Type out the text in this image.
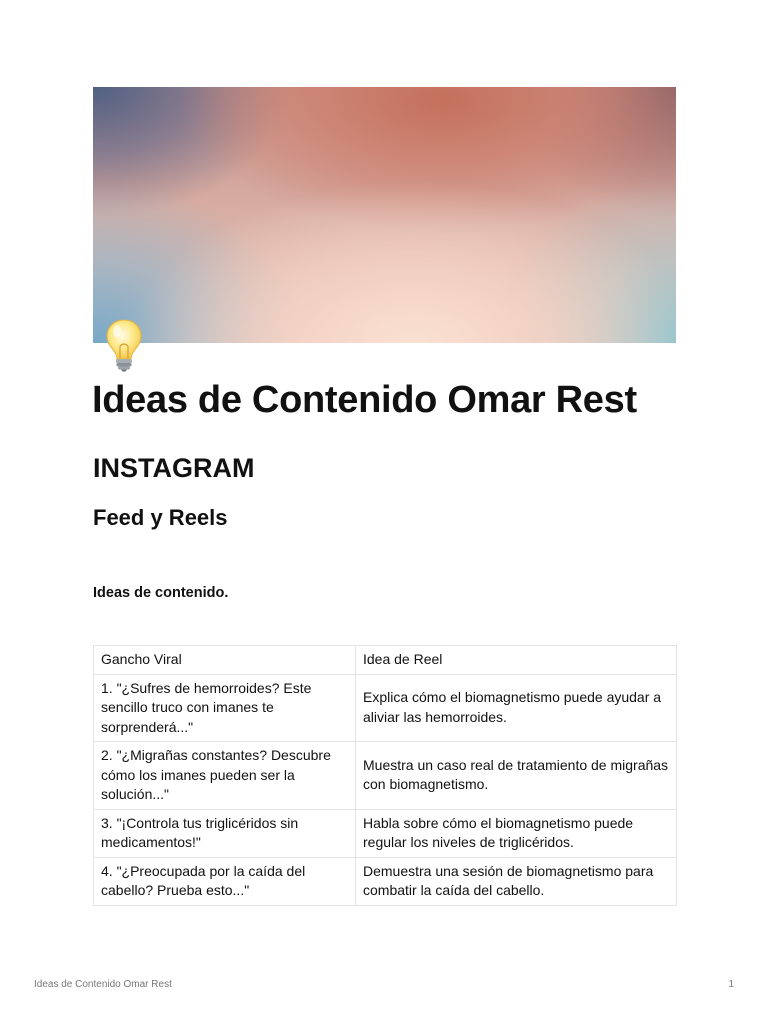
Ideas de Contenido Omar Rest
INSTAGRAM
Feed y Reels

Ideas de contenido.

Gancho Viral	Idea de Reel
1. "¿Sufres de hemorroides? Este sencillo truco con imanes te sorprenderá..."	Explica cómo el biomagnetismo puede ayudar a aliviar las hemorroides.
2. "¿Migrañas constantes? Descubre cómo los imanes pueden ser la solución..."	Muestra un caso real de tratamiento de migrañas con biomagnetismo.
3. "¡Controla tus triglicéridos sin medicamentos!"	Habla sobre cómo el biomagnetismo puede regular los niveles de triglicéridos.
4. "¿Preocupada por la caída del cabello? Prueba esto..."	Demuestra una sesión de biomagnetismo para combatir la caída del cabello.
Ideas de Contenido Omar Rest	1
